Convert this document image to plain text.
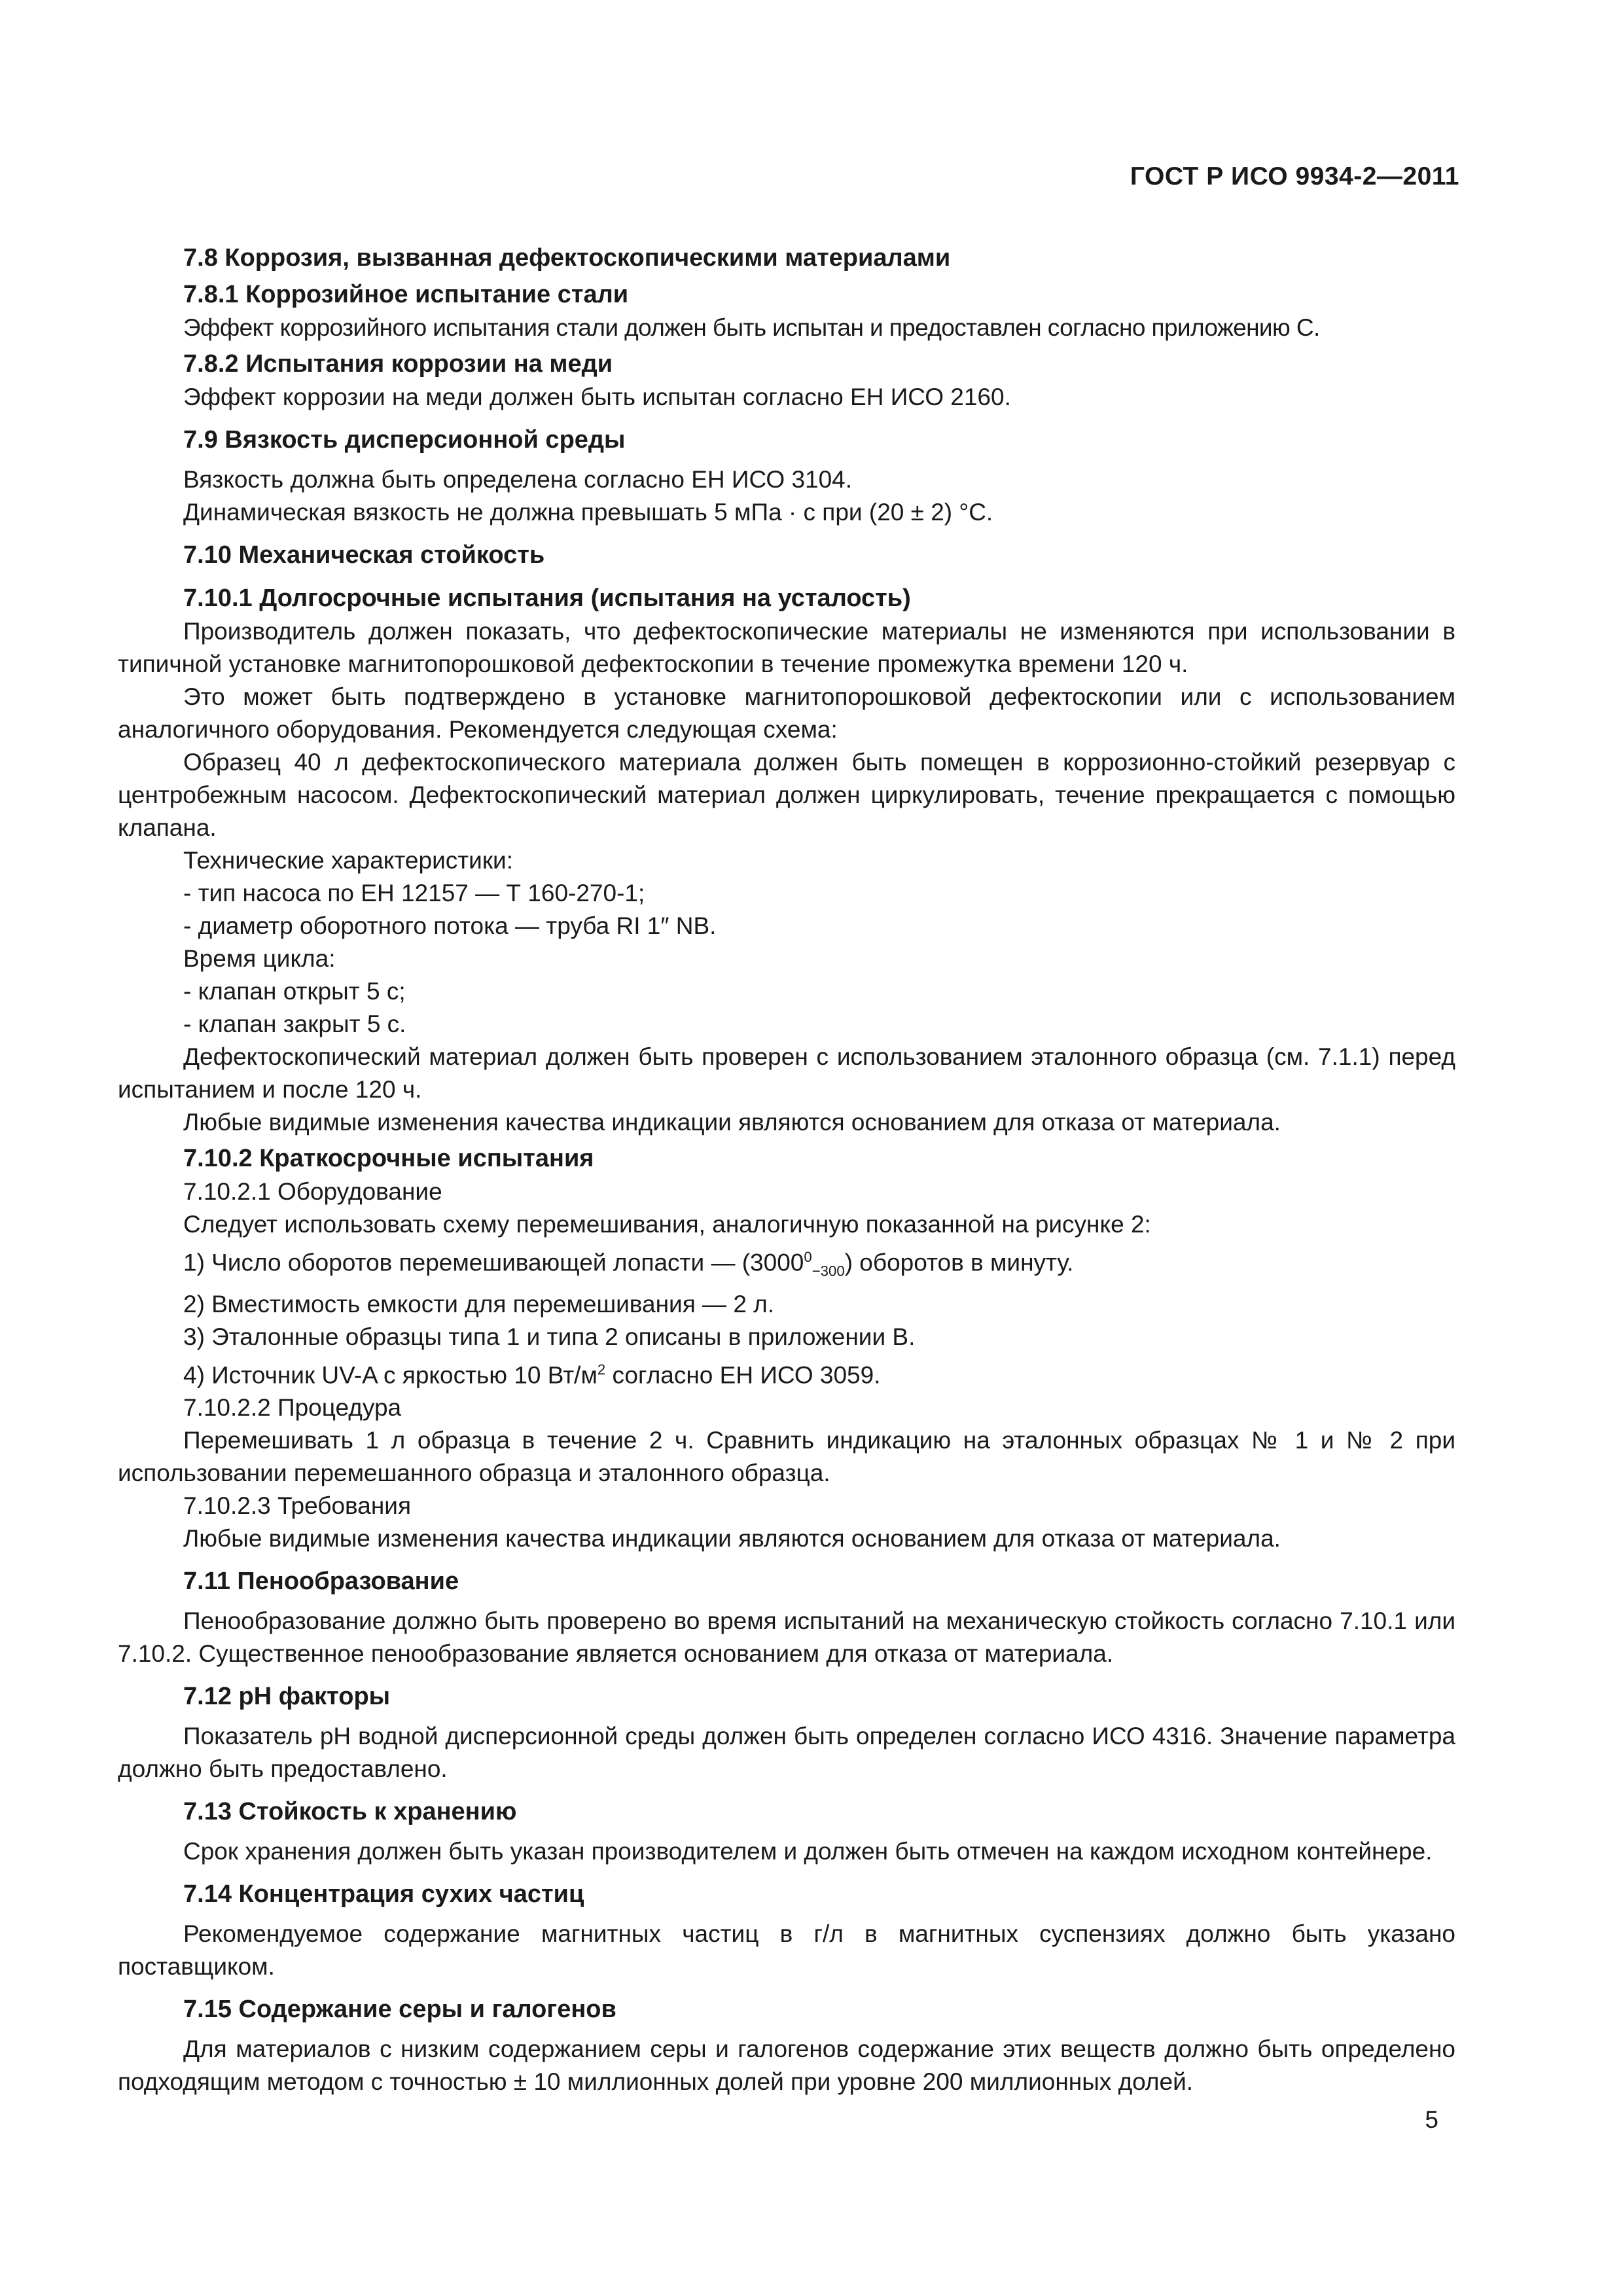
ГОСТ Р ИСО 9934-2—2011
7.8 Коррозия, вызванная дефектоскопическими материалами
7.8.1 Коррозийное испытание стали
Эффект коррозийного испытания стали должен быть испытан и предоставлен согласно приложению С.
7.8.2 Испытания коррозии на меди
Эффект коррозии на меди должен быть испытан согласно ЕН ИСО 2160.
7.9 Вязкость дисперсионной среды
Вязкость должна быть определена согласно ЕН ИСО 3104.
Динамическая вязкость не должна превышать 5 мПа · с при (20 ± 2) °С.
7.10 Механическая стойкость
7.10.1 Долгосрочные испытания (испытания на усталость)
Производитель должен показать, что дефектоскопические материалы не изменяются при использовании в типичной установке магнитопорошковой дефектоскопии в течение промежутка времени 120 ч.
Это может быть подтверждено в установке магнитопорошковой дефектоскопии или с использованием аналогичного оборудования. Рекомендуется следующая схема:
Образец 40 л дефектоскопического материала должен быть помещен в коррозионно-стойкий резервуар с центробежным насосом. Дефектоскопический материал должен циркулировать, течение прекращается с помощью клапана.
Технические характеристики:
- тип насоса по ЕН 12157 — Т 160-270-1;
- диаметр оборотного потока — труба RI 1″ NB.
Время цикла:
- клапан открыт 5 с;
- клапан закрыт 5 с.
Дефектоскопический материал должен быть проверен с использованием эталонного образца (см. 7.1.1) перед испытанием и после 120 ч.
Любые видимые изменения качества индикации являются основанием для отказа от материала.
7.10.2 Краткосрочные испытания
7.10.2.1 Оборудование
Следует использовать схему перемешивания, аналогичную показанной на рисунке 2:
1) Число оборотов перемешивающей лопасти — $(3000^0_{-300})$ оборотов в минуту.
2) Вместимость емкости для перемешивания — 2 л.
3) Эталонные образцы типа 1 и типа 2 описаны в приложении В.
4) Источник UV-A с яркостью 10 $Вт/м^2$ согласно ЕН ИСО 3059.
7.10.2.2 Процедура
Перемешивать 1 л образца в течение 2 ч. Сравнить индикацию на эталонных образцах № 1 и № 2 при использовании перемешанного образца и эталонного образца.
7.10.2.3 Требования
Любые видимые изменения качества индикации являются основанием для отказа от материала.
7.11 Пенообразование
Пенообразование должно быть проверено во время испытаний на механическую стойкость согласно 7.10.1 или 7.10.2. Существенное пенообразование является основанием для отказа от материала.
7.12 рН факторы
Показатель рН водной дисперсионной среды должен быть определен согласно ИСО 4316. Значение параметра должно быть предоставлено.
7.13 Стойкость к хранению
Срок хранения должен быть указан производителем и должен быть отмечен на каждом исходном контейнере.
7.14 Концентрация сухих частиц
Рекомендуемое содержание магнитных частиц в г/л в магнитных суспензиях должно быть указано поставщиком.
7.15 Содержание серы и галогенов
Для материалов с низким содержанием серы и галогенов содержание этих веществ должно быть определено подходящим методом с точностью ± 10 миллионных долей при уровне 200 миллионных долей.
5
